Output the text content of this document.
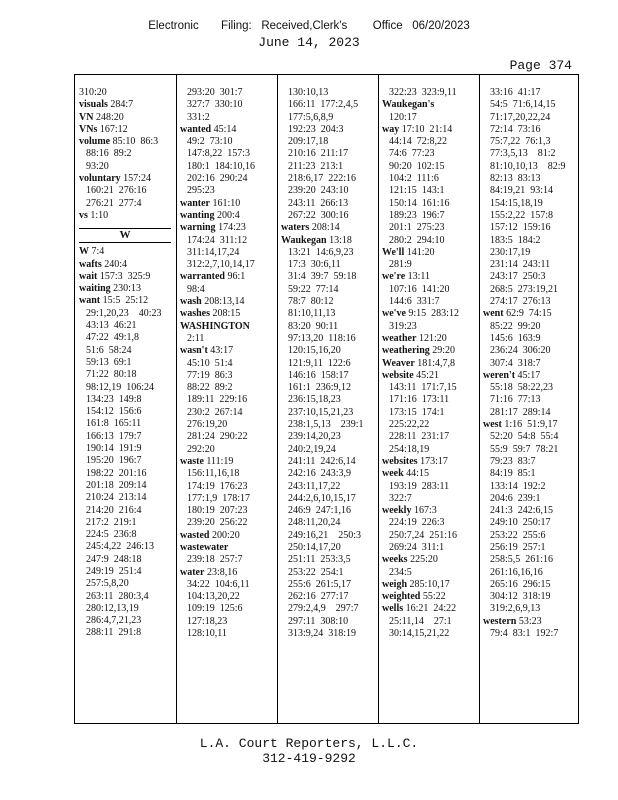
Electronic       Filing:   Received,Clerk's        Office   06/20/2023
June 14, 2023
Page 374
310:20
visuals 284:7
VN 248:20
VNs 167:12
volume 85:10  86:3
88:16  89:2
93:20
voluntary 157:24
160:21  276:16
276:21  277:4
vs 1:10
W
W 7:4
wafts 240:4
wait 157:3  325:9
waiting 230:13
want 15:5  25:12
29:1,20,23    40:23
43:13  46:21
47:22  49:1,8
51:6  58:24
59:13  69:1
71:22  80:18
98:12,19  106:24
134:23  149:8
154:12  156:6
161:8  165:11
166:13  179:7
190:14  191:9
195:20  196:7
198:22  201:16
201:18  209:14
210:24  213:14
214:20  216:4
217:2  219:1
224:5  236:8
245:4,22  246:13
247:9  248:18
249:19  251:4
257:5,8,20
263:11  280:3,4
280:12,13,19
286:4,7,21,23
288:11  291:8
293:20  301:7
327:7  330:10
331:2
wanted 45:14
49:2  73:10
147:8,22  157:3
180:1  184:10,16
202:16  290:24
295:23
wanter 161:10
wanting 200:4
warning 174:23
174:24  311:12
311:14,17,24
312:2,7,10,14,17
warranted 96:1
98:4
wash 208:13,14
washes 208:15
WASHINGTON
2:11
wasn't 43:17
45:10  51:4
77:19  86:3
88:22  89:2
189:11  229:16
230:2  267:14
276:19,20
281:24  290:22
292:20
waste 111:19
156:11,16,18
174:19  176:23
177:1,9  178:17
180:19  207:23
239:20  256:22
wasted 200:20
wastewater
239:18  257:7
water 23:8,16
34:22  104:6,11
104:13,20,22
109:19  125:6
127:18,23
128:10,11
130:10,13
166:11  177:2,4,5
177:5,6,8,9
192:23  204:3
209:17,18
210:16  211:17
211:23  213:1
218:6,17  222:16
239:20  243:10
243:11  266:13
267:22  300:16
waters 208:14
Waukegan 13:18
13:21  14:6,9,23
17:3  30:6,11
31:4  39:7  59:18
59:22  77:14
78:7  80:12
81:10,11,13
83:20  90:11
97:13,20  118:16
120:15,16,20
121:9,11  122:6
146:16  158:17
161:1  236:9,12
236:15,18,23
237:10,15,21,23
238:1,5,13    239:1
239:14,20,23
240:2,19,24
241:11  242:6,14
242:16  243:3,9
243:11,17,22
244:2,6,10,15,17
246:9  247:1,16
248:11,20,24
249:16,21    250:3
250:14,17,20
251:11  253:3,5
253:22  254:1
255:6  261:5,17
262:16  277:17
279:2,4,9    297:7
297:11  308:10
313:9,24  318:19
322:23  323:9,11
Waukegan's
120:17
way 17:10  21:14
44:14  72:8,22
74:6  77:23
90:20  102:15
104:2  111:6
121:15  143:1
150:14  161:16
189:23  196:7
201:1  275:23
280:2  294:10
We'll 141:20
281:9
we're 13:11
107:16  141:20
144:6  331:7
we've 9:15  283:12
319:23
weather 121:20
weathering 29:20
Weaver 181:4,7,8
website 45:21
143:11  171:7,15
171:16  173:11
173:15  174:1
225:22,22
228:11  231:17
254:18,19
websites 173:17
week 44:15
193:19  283:11
322:7
weekly 167:3
224:19  226:3
250:7,24  251:16
269:24  311:1
weeks 225:20
234:5
weigh 285:10,17
weighted 55:22
wells 16:21  24:22
25:11,14    27:1
30:14,15,21,22
33:16  41:17
54:5  71:6,14,15
71:17,20,22,24
72:14  73:16
75:7,22  76:1,3
77:3,5,13    81:2
81:10,10,13    82:9
82:13  83:13
84:19,21  93:14
154:15,18,19
155:2,22  157:8
157:12  159:16
183:5  184:2
230:17,19
231:14  243:11
243:17  250:3
268:5  273:19,21
274:17  276:13
went 62:9  74:15
85:22  99:20
145:6  163:9
236:24  306:20
307:4  318:7
weren't 45:17
55:18  58:22,23
71:16  77:13
281:17  289:14
west 1:16  51:9,17
52:20  54:8  55:4
55:9  59:7  78:21
79:23  83:7
84:19  85:1
133:14  192:2
204:6  239:1
241:3  242:6,15
249:10  250:17
253:22  255:6
256:19  257:1
258:5,5  261:16
261:16,16,16
265:16  296:15
304:12  318:19
319:2,6,9,13
western 53:23
79:4  83:1  192:7
L.A. Court Reporters, L.L.C.
312-419-9292
